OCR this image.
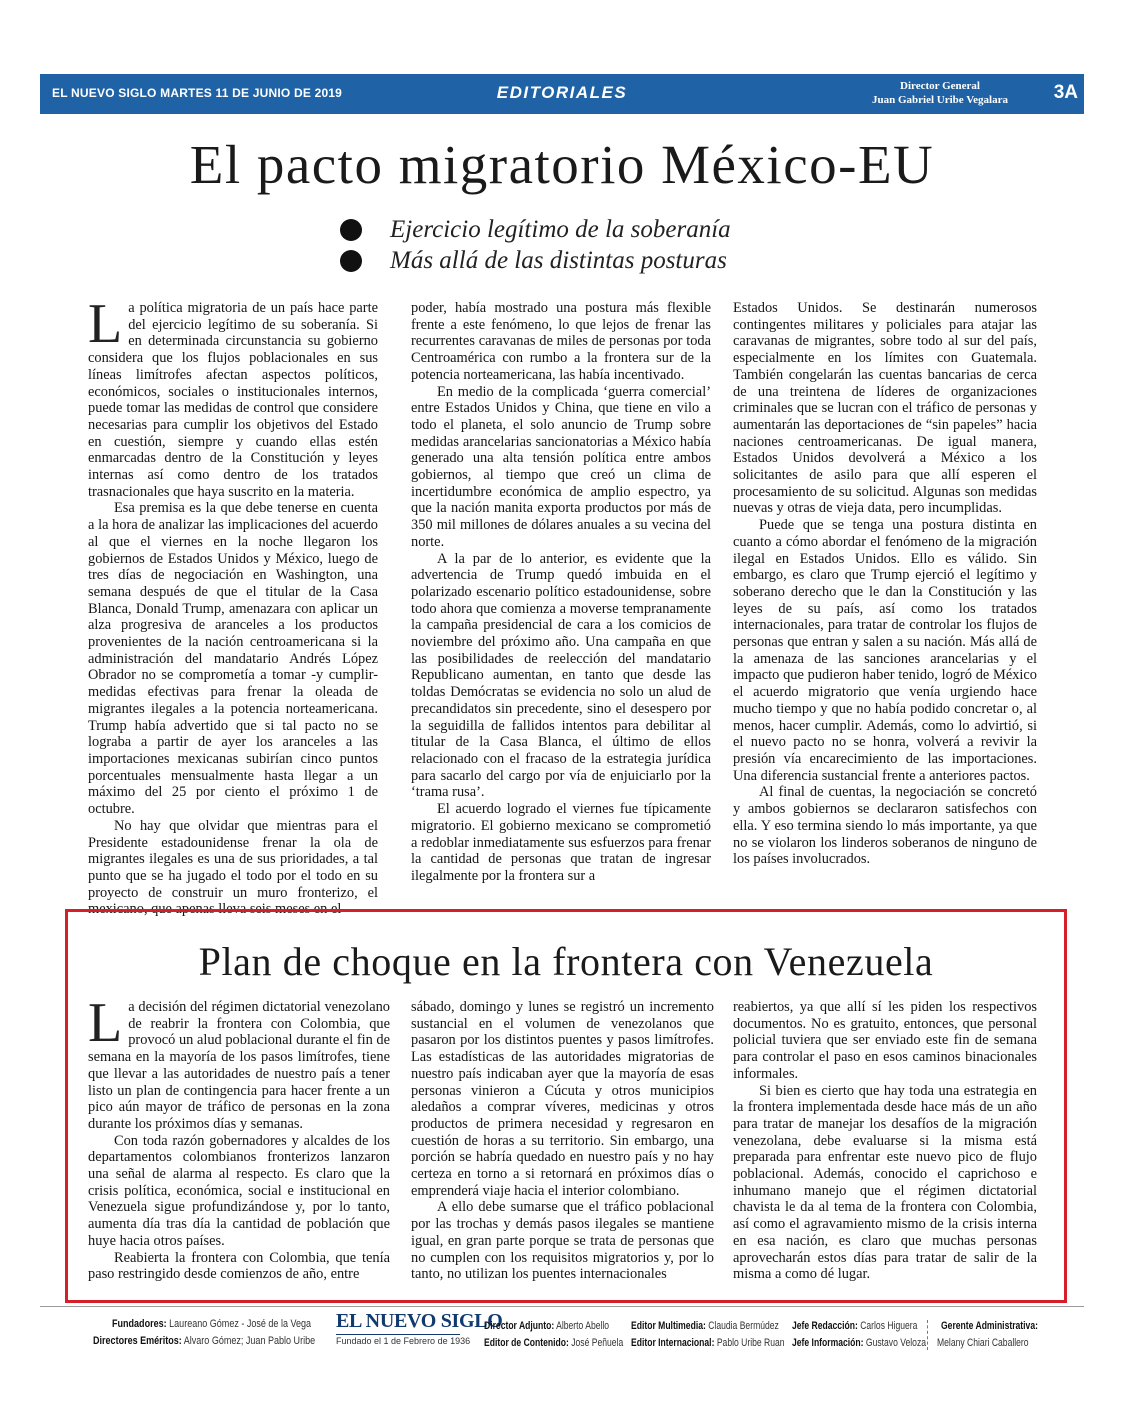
EL NUEVO SIGLO MARTES 11 DE JUNIO DE 2019	EDITORIALES	Director General
Juan Gabriel Uribe Vegalara 3A
El pacto migratorio México-EU
Ejercicio legítimo de la soberanía
Más allá de las distintas posturas
L a política migratoria de un país hace parte del ejercicio legítimo de su soberanía. Si en determinada circunstancia su gobierno considera que los flujos poblacionales en sus líneas limítrofes afectan aspectos políticos, económicos, sociales o institucionales internos, puede tomar las medidas de control que considere necesarias para cumplir los objetivos del Estado en cuestión, siempre y cuando ellas estén enmarcadas dentro de la Constitución y leyes internas así como dentro de los tratados trasnacionales que haya suscrito en la materia.

Esa premisa es la que debe tenerse en cuenta a la hora de analizar las implicaciones del acuerdo al que el viernes en la noche llegaron los gobiernos de Estados Unidos y México, luego de tres días de negociación en Washington, una semana después de que el titular de la Casa Blanca, Donald Trump, amenazara con aplicar un alza progresiva de aranceles a los productos provenientes de la nación centroamericana si la administración del mandatario Andrés López Obrador no se comprometía a tomar -y cumplir- medidas efectivas para frenar la oleada de migrantes ilegales a la potencia norteamericana. Trump había advertido que si tal pacto no se lograba a partir de ayer los aranceles a las importaciones mexicanas subirían cinco puntos porcentuales mensualmente hasta llegar a un máximo del 25 por ciento el próximo 1 de octubre.

No hay que olvidar que mientras para el Presidente estadounidense frenar la ola de migrantes ilegales es una de sus prioridades, a tal punto que se ha jugado el todo por el todo en su proyecto de construir un muro fronterizo, el mexicano, que apenas lleva seis meses en el

poder, había mostrado una postura más flexible frente a este fenómeno, lo que lejos de frenar las recurrentes caravanas de miles de personas por toda Centroamérica con rumbo a la frontera sur de la potencia norteamericana, las había incentivado.

En medio de la complicada ‘guerra comercial’ entre Estados Unidos y China, que tiene en vilo a todo el planeta, el solo anuncio de Trump sobre medidas arancelarias sancionatorias a México había generado una alta tensión política entre ambos gobiernos, al tiempo que creó un clima de incertidumbre económica de amplio espectro, ya que la nación manita exporta productos por más de 350 mil millones de dólares anuales a su vecina del norte.

A la par de lo anterior, es evidente que la advertencia de Trump quedó imbuida en el polarizado escenario político estadounidense, sobre todo ahora que comienza a moverse tempranamente la campaña presidencial de cara a los comicios de noviembre del próximo año. Una campaña en que las posibilidades de reelección del mandatario Republicano aumentan, en tanto que desde las toldas Demócratas se evidencia no solo un alud de precandidatos sin precedente, sino el desespero por la seguidilla de fallidos intentos para debilitar al titular de la Casa Blanca, el último de ellos relacionado con el fracaso de la estrategia jurídica para sacarlo del cargo por vía de enjuiciarlo por la ‘trama rusa’.

El acuerdo logrado el viernes fue típicamente migratorio. El gobierno mexicano se comprometió a redoblar inmediatamente sus esfuerzos para frenar la cantidad de personas que tratan de ingresar ilegalmente por la frontera sur a

Estados Unidos. Se destinarán numerosos contingentes militares y policiales para atajar las caravanas de migrantes, sobre todo al sur del país, especialmente en los límites con Guatemala. También congelarán las cuentas bancarias de cerca de una treintena de líderes de organizaciones criminales que se lucran con el tráfico de personas y aumentarán las deportaciones de “sin papeles” hacia naciones centroamericanas. De igual manera, Estados Unidos devolverá a México a los solicitantes de asilo para que allí esperen el procesamiento de su solicitud. Algunas son medidas nuevas y otras de vieja data, pero incumplidas.

Puede que se tenga una postura distinta en cuanto a cómo abordar el fenómeno de la migración ilegal en Estados Unidos. Ello es válido. Sin embargo, es claro que Trump ejerció el legítimo y soberano derecho que le dan la Constitución y las leyes de su país, así como los tratados internacionales, para tratar de controlar los flujos de personas que entran y salen a su nación. Más allá de la amenaza de las sanciones arancelarias y el impacto que pudieron haber tenido, logró de México el acuerdo migratorio que venía urgiendo hace mucho tiempo y que no había podido concretar o, al menos, hacer cumplir. Además, como lo advirtió, si el nuevo pacto no se honra, volverá a revivir la presión vía encarecimiento de las importaciones. Una diferencia sustancial frente a anteriores pactos.

Al final de cuentas, la negociación se concretó y ambos gobiernos se declararon satisfechos con ella. Y eso termina siendo lo más importante, ya que no se violaron los linderos soberanos de ninguno de los países involucrados.

Plan de choque en la frontera con Venezuela
L a decisión del régimen dictatorial venezolano de reabrir la frontera con Colombia, que provocó un alud poblacional durante el fin de semana en la mayoría de los pasos limítrofes, tiene que llevar a las autoridades de nuestro país a tener listo un plan de contingencia para hacer frente a un pico aún mayor de tráfico de personas en la zona durante los próximos días y semanas.

Con toda razón gobernadores y alcaldes de los departamentos colombianos fronterizos lanzaron una señal de alarma al respecto. Es claro que la crisis política, económica, social e institucional en Venezuela sigue profundizándose y, por lo tanto, aumenta día tras día la cantidad de población que huye hacia otros países.

Reabierta la frontera con Colombia, que tenía paso restringido desde comienzos de año, entre

sábado, domingo y lunes se registró un incremento sustancial en el volumen de venezolanos que pasaron por los distintos puentes y pasos limítrofes. Las estadísticas de las autoridades migratorias de nuestro país indicaban ayer que la mayoría de esas personas vinieron a Cúcuta y otros municipios aledaños a comprar víveres, medicinas y otros productos de primera necesidad y regresaron en cuestión de horas a su territorio. Sin embargo, una porción se habría quedado en nuestro país y no hay certeza en torno a si retornará en próximos días o emprenderá viaje hacia el interior colombiano.

A ello debe sumarse que el tráfico poblacional por las trochas y demás pasos ilegales se mantiene igual, en gran parte porque se trata de personas que no cumplen con los requisitos migratorios y, por lo tanto, no utilizan los puentes internacionales

reabiertos, ya que allí sí les piden los respectivos documentos. No es gratuito, entonces, que personal policial tuviera que ser enviado este fin de semana para controlar el paso en esos caminos binacionales informales.

Si bien es cierto que hay toda una estrategia en la frontera implementada desde hace más de un año para tratar de manejar los desafíos de la migración venezolana, debe evaluarse si la misma está preparada para enfrentar este nuevo pico de flujo poblacional. Además, conocido el caprichoso e inhumano manejo que el régimen dictatorial chavista le da al tema de la frontera con Colombia, así como el agravamiento mismo de la crisis interna en esa nación, es claro que muchas personas aprovecharán estos días para tratar de salir de la misma a como dé lugar.

Fundadores: Laureano Gómez - José de la Vega
Directores Eméritos: Alvaro Gómez; Juan Pablo Uribe
EL NUEVO SIGLO
Fundado el 1 de Febrero de 1936
Director Adjunto: Alberto Abello
Editor de Contenido: José Peñuela
Editor Multimedia: Claudia Bermúdez
Editor Internacional: Pablo Uribe Ruan
Jefe Redacción: Carlos Higuera
Jefe Información: Gustavo Veloza
Gerente Administrativa:
Melany Chiari Caballero
